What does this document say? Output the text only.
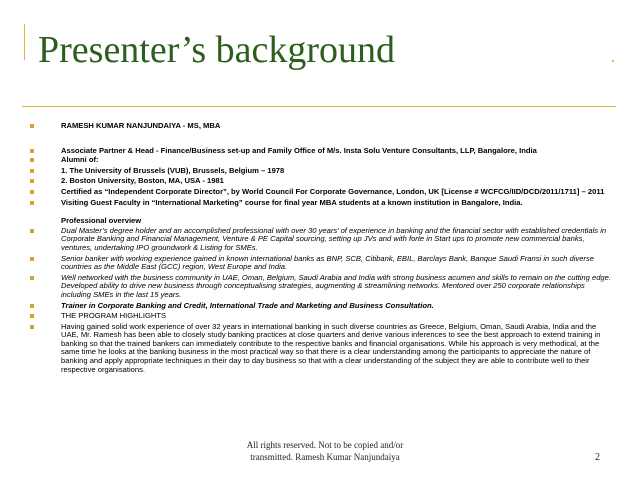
Presenter’s background
RAMESH KUMAR NANJUNDAIYA - MS, MBA
Associate Partner & Head - Finance/Business set-up and Family Office of M/s. Insta Solu Venture Consultants, LLP, Bangalore, India
Alumni of:
1. The University of Brussels (VUB), Brussels, Belgium – 1978
2. Boston University, Boston, MA, USA - 1981
Certified as “Independent Corporate Director”, by World Council For Corporate Governance, London, UK [License # WCFCG/IID/DCD/2011/1711] – 2011
Visiting Guest Faculty in “International Marketing” course for final year MBA students at a known institution in Bangalore, India.
Professional overview
Dual Master’s degree holder and an accomplished professional with over 30 years’ of experience in banking and the financial sector with established credentials in Corporate Banking and Financial Management, Venture & PE Capital sourcing, setting up JVs and with forte in Start ups to promote new commercial banks, ventures, undertaking IPO groundwork & Listing for SMEs.
Senior banker with working experience gained in known international banks as BNP, SCB, Citibank, EBIL, Barclays Bank, Banque Saudi Fransi in such diverse countries as the Middle East (GCC) region, West Europe and India.
Well networked with the business community in UAE, Oman, Belgium, Saudi Arabia and India with strong business acumen and skills to remain on the cutting edge. Developed ability to drive new business through conceptualising strategies, augmenting & streamlining networks. Mentored over 250 corporate relationships including SMEs in the last 15 years.
Trainer in Corporate Banking and Credit, International Trade and Marketing and Business Consultation.
THE PROGRAM HIGHLIGHTS
Having gained solid work experience of over 32 years in international banking in such diverse countries as Greece, Belgium, Oman, Saudi Arabia, India and the UAE, Mr. Ramesh has been able to closely study banking practices at close quarters and derive various inferences to see the best approach to extend training in banking so that the trained bankers can immediately contribute to the respective banks and financial organisations. While his approach is very methodical, at the same time he looks at the banking business in the most practical way so that there is a clear understanding among the participants to appreciate the nature of banking and apply appropriate techniques in their day to day business so that with a clear understanding of the subject they are able to contribute well to their respective organisations.
All rights reserved. Not to be copied and/or
transmitted. Ramesh Kumar Nanjundaiya	2
